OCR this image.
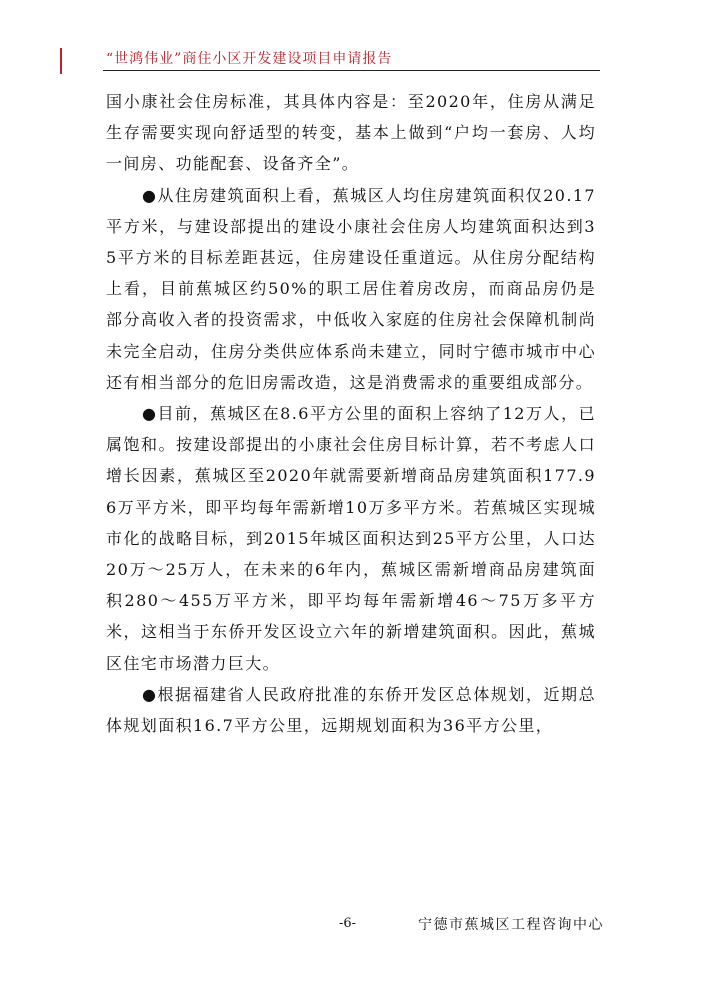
“世鸿伟业”商住小区开发建设项目申请报告

国小康社会住房标准，其具体内容是：至2020年，住房从满足生存需要实现向舒适型的转变，基本上做到“户均一套房、人均一间房、功能配套、设备齐全”。

●从住房建筑面积上看，蕉城区人均住房建筑面积仅20.17平方米，与建设部提出的建设小康社会住房人均建筑面积达到35平方米的目标差距甚远，住房建设任重道远。从住房分配结构上看，目前蕉城区约50%的职工居住着房改房，而商品房仍是部分高收入者的投资需求，中低收入家庭的住房社会保障机制尚未完全启动，住房分类供应体系尚未建立，同时宁德市城市中心还有相当部分的危旧房需改造，这是消费需求的重要组成部分。

●目前，蕉城区在8.6平方公里的面积上容纳了12万人，已属饱和。按建设部提出的小康社会住房目标计算，若不考虑人口增长因素，蕉城区至2020年就需要新增商品房建筑面积177.96万平方米，即平均每年需新增10万多平方米。若蕉城区实现城市化的战略目标，到2015年城区面积达到25平方公里，人口达20万～25万人，在未来的6年内，蕉城区需新增商品房建筑面积280～455万平方米，即平均每年需新增46～75万多平方米，这相当于东侨开发区设立六年的新增建筑面积。因此，蕉城区住宅市场潜力巨大。

●根据福建省人民政府批准的东侨开发区总体规划，近期总体规划面积16.7平方公里，远期规划面积为36平方公里，

-6-	宁德市蕉城区工程咨询中心
